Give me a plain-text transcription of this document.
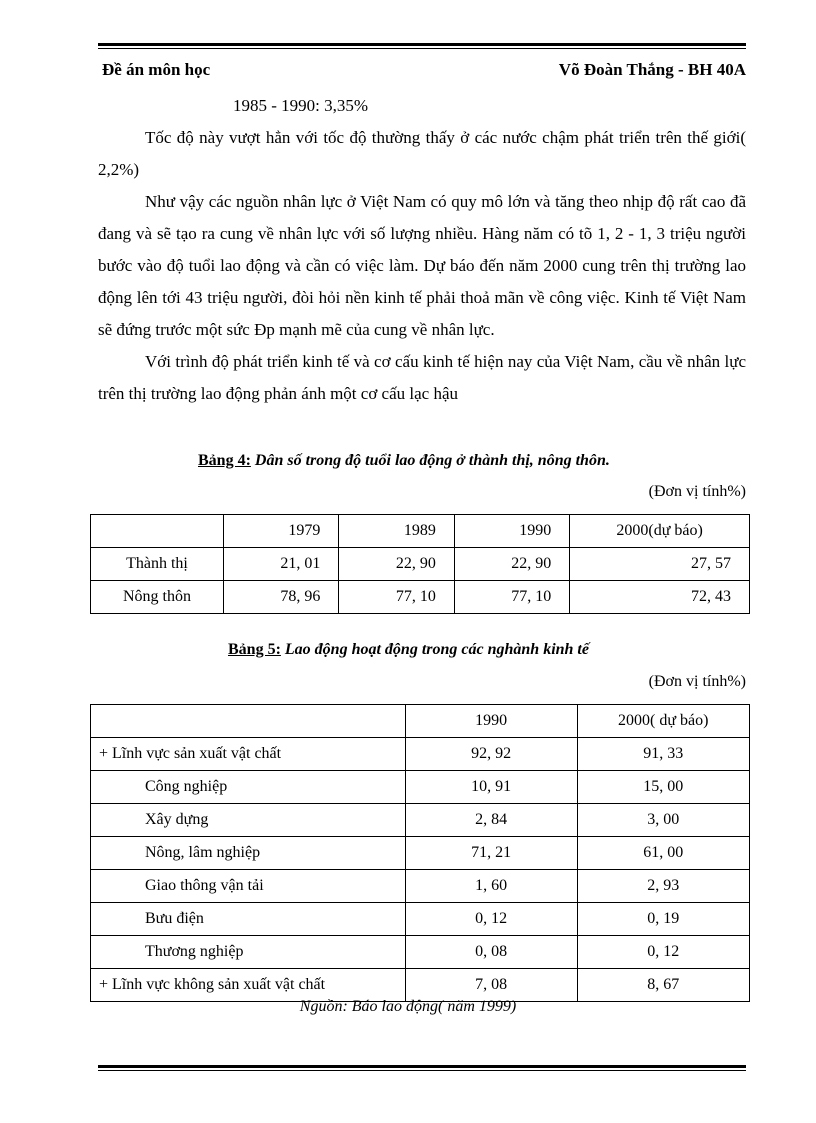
Đề án môn học	Võ Đoàn Thắng - BH 40A
1985 - 1990: 3,35%

Tốc độ này vượt hẳn với tốc độ thường thấy ở các nước chậm phát triển trên thế giới( 2,2%)

Như vậy các nguồn nhân lực ở Việt Nam có quy mô lớn và tăng theo nhịp độ rất cao đã đang và sẽ tạo ra cung về nhân lực với số lượng nhiều. Hàng năm có tõ 1, 2 - 1, 3 triệu người bước vào độ tuổi lao động và cần có việc làm. Dự báo đến năm 2000 cung trên thị trường lao động lên tới 43 triệu người, đòi hỏi nền kinh tế phải thoả mãn về công việc. Kinh tế Việt Nam sẽ đứng trước một sức Ðp mạnh mẽ của cung về nhân lực.

Với trình độ phát triển kinh tế và cơ cấu kinh tế hiện nay của Việt Nam, cầu về nhân lực trên thị trường lao động phản ánh một cơ cấu lạc hậu

Bảng 4: Dân số trong độ tuổi lao động ở thành thị, nông thôn.
(Đơn vị tính%)
	1979	1989	1990	2000(dự báo)
Thành thị	21, 01	22, 90	22, 90	27, 57
Nông thôn	78, 96	77, 10	77, 10	72, 43
Bảng 5: Lao động hoạt động trong các nghành kinh tế
(Đơn vị tính%)
	1990	2000( dự báo)
+ Lĩnh vực sản xuất vật chất	92, 92	91, 33
Công nghiệp	10, 91	15, 00
Xây dựng	2, 84	3, 00
Nông, lâm nghiệp	71, 21	61, 00
Giao thông vận tải	1, 60	2, 93
Bưu điện	0, 12	0, 19
Thương nghiệp	0, 08	0, 12
+ Lĩnh vực không sản xuất vật chất	7, 08	8, 67
Nguồn: Báo lao động( năm 1999)
